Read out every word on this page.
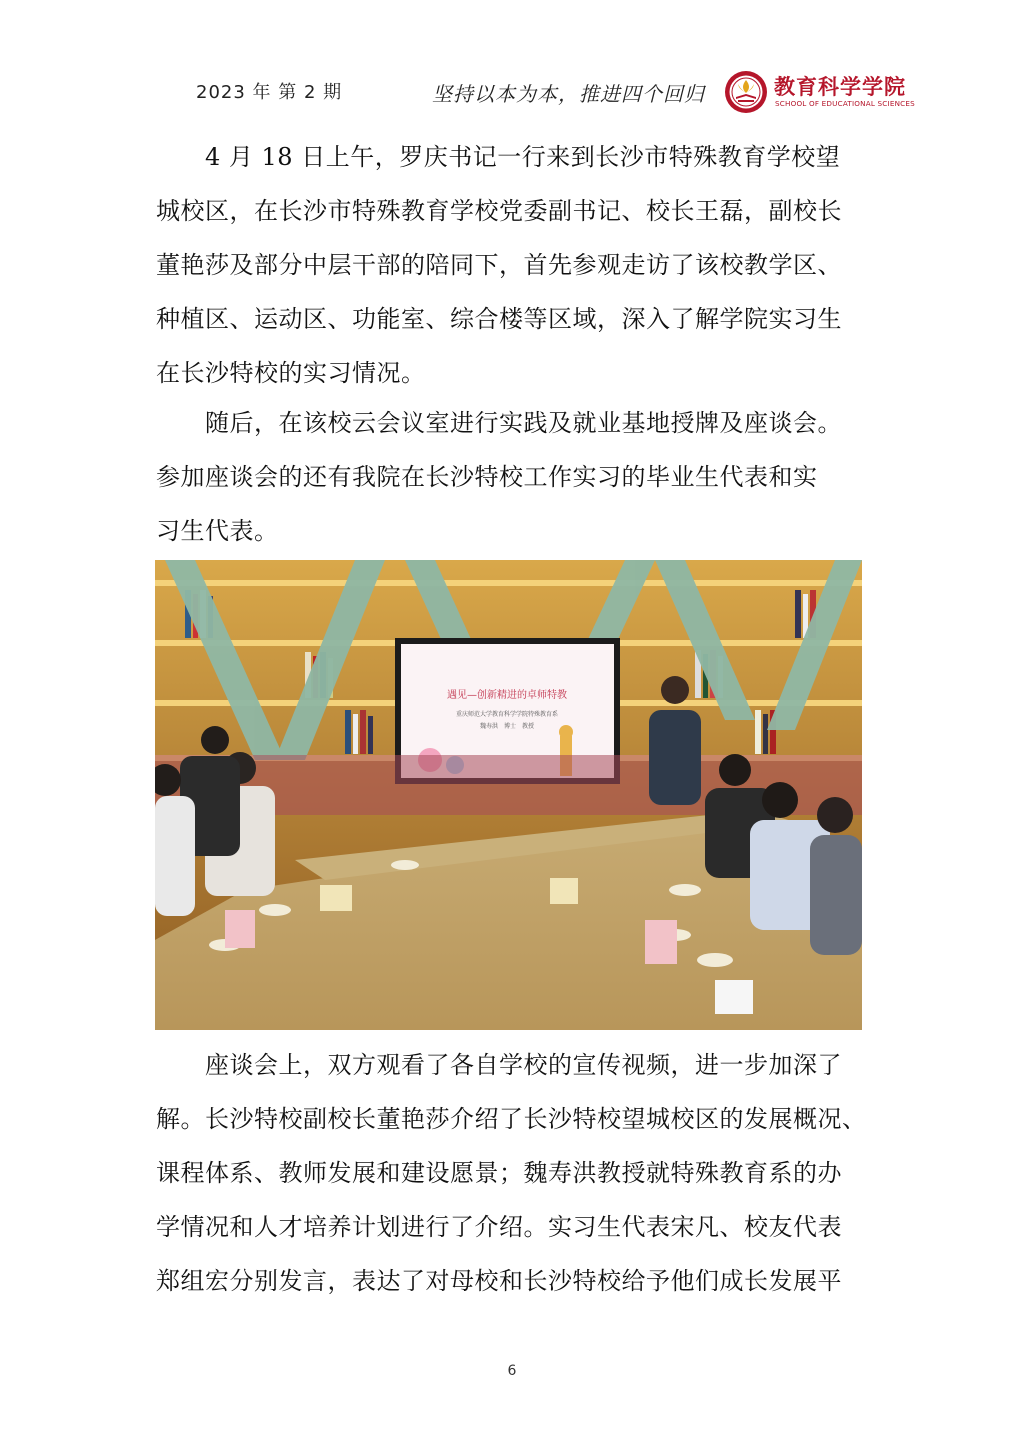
2023 年 第 2 期	坚持以本为本，推进四个回归	教育科学学院
SCHOOL OF EDUCATIONAL SCIENCES
4 月 18 日上午，罗庆书记一行来到长沙市特殊教育学校望
城校区，在长沙市特殊教育学校党委副书记、校长王磊，副校长
董艳莎及部分中层干部的陪同下，首先参观走访了该校教学区、
种植区、运动区、功能室、综合楼等区域，深入了解学院实习生
在长沙特校的实习情况。
随后，在该校云会议室进行实践及就业基地授牌及座谈会。
参加座谈会的还有我院在长沙特校工作实习的毕业生代表和实
习生代表。
遇见—创新精进的卓师特教
重庆师范大学教育科学学院特殊教育系
魏寿洪　博士　教授
座谈会上，双方观看了各自学校的宣传视频，进一步加深了
解。长沙特校副校长董艳莎介绍了长沙特校望城校区的发展概况、
课程体系、教师发展和建设愿景；魏寿洪教授就特殊教育系的办
学情况和人才培养计划进行了介绍。实习生代表宋凡、校友代表
郑组宏分别发言，表达了对母校和长沙特校给予他们成长发展平
6
